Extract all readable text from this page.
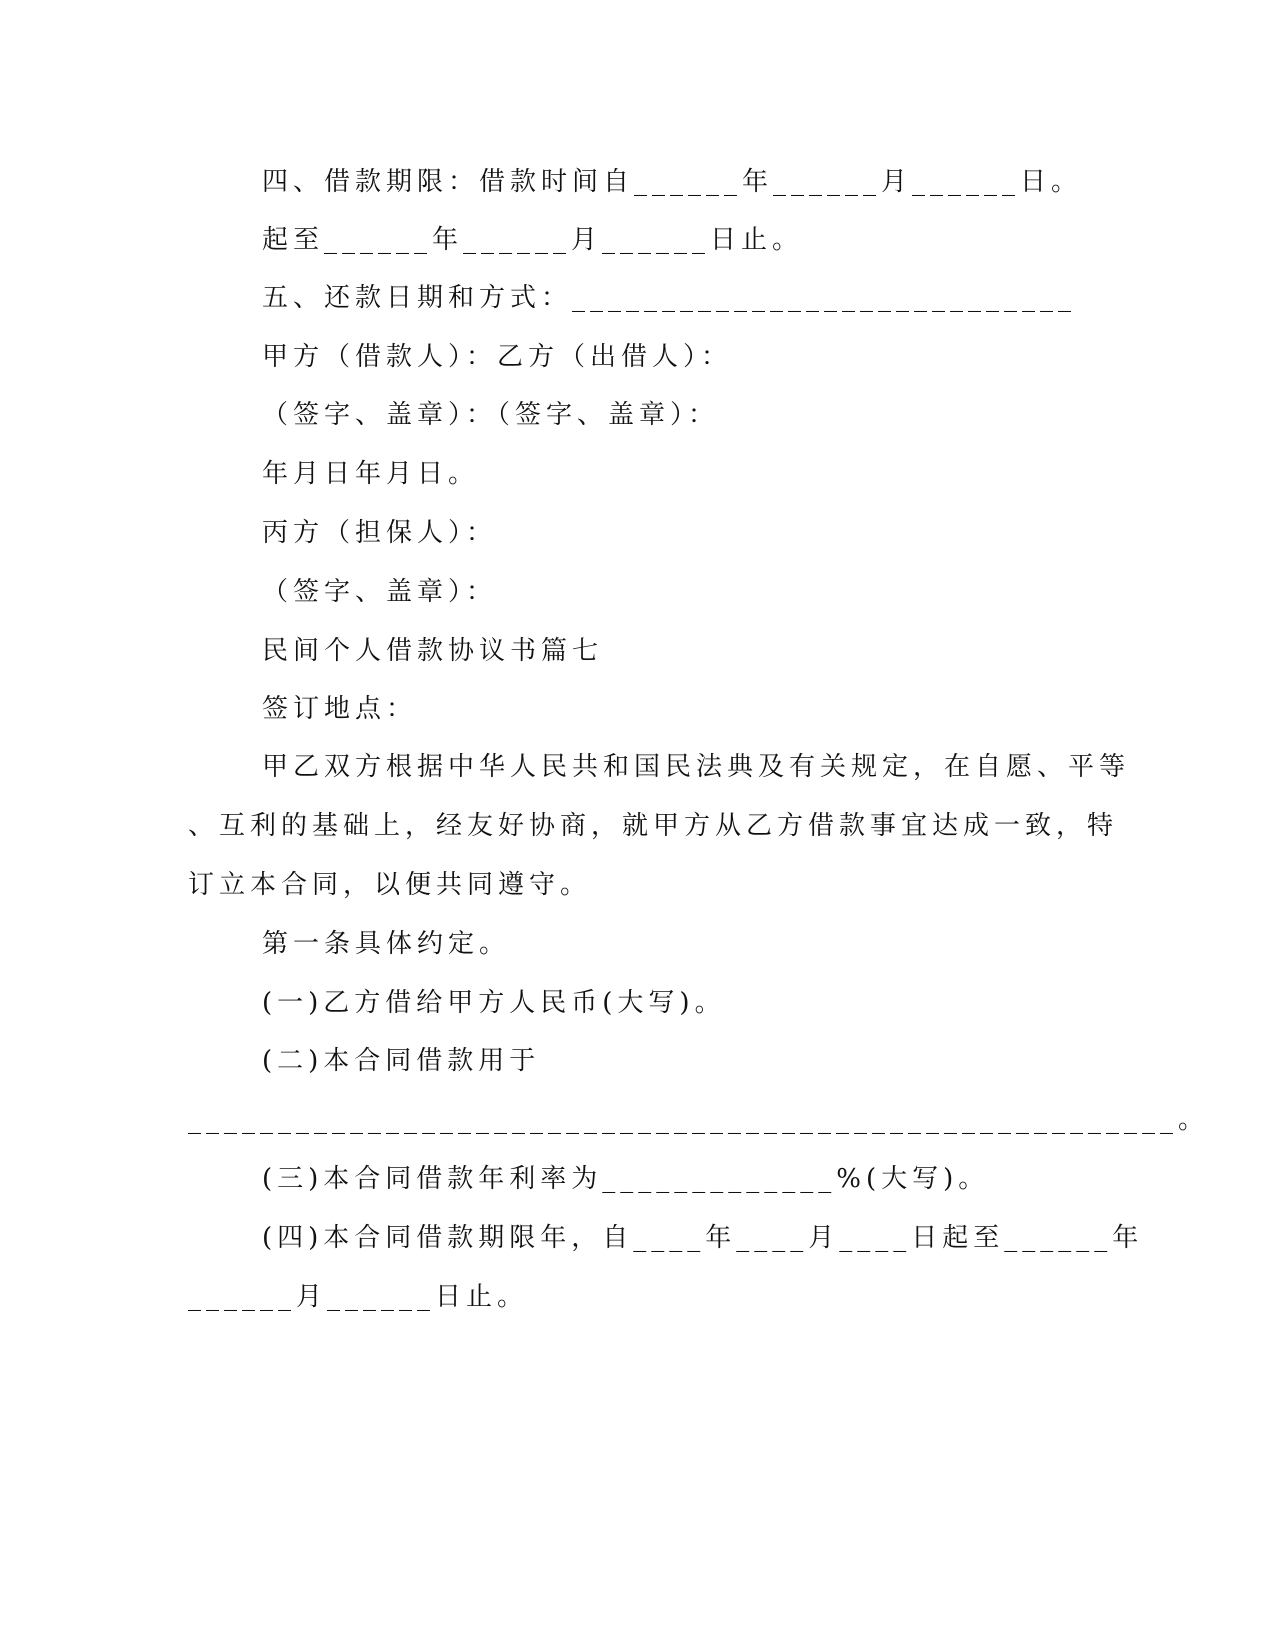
四、借款期限：借款时间自______年______月______日。
起至______年______月______日止。
五、还款日期和方式：____________________________
甲方（借款人）：乙方（出借人）：
（签字、盖章）：（签字、盖章）：
年月日年月日。
丙方（担保人）：
（签字、盖章）：
民间个人借款协议书篇七
签订地点：
甲乙双方根据中华人民共和国民法典及有关规定，在自愿、平等
、互利的基础上，经友好协商，就甲方从乙方借款事宜达成一致，特
订立本合同，以便共同遵守。
第一条具体约定。
(一)乙方借给甲方人民币(大写)。
(二)本合同借款用于
_______________________________________________________。
(三)本合同借款年利率为_____________%(大写)。
(四)本合同借款期限年，自____年____月____日起至______年
______月______日止。
